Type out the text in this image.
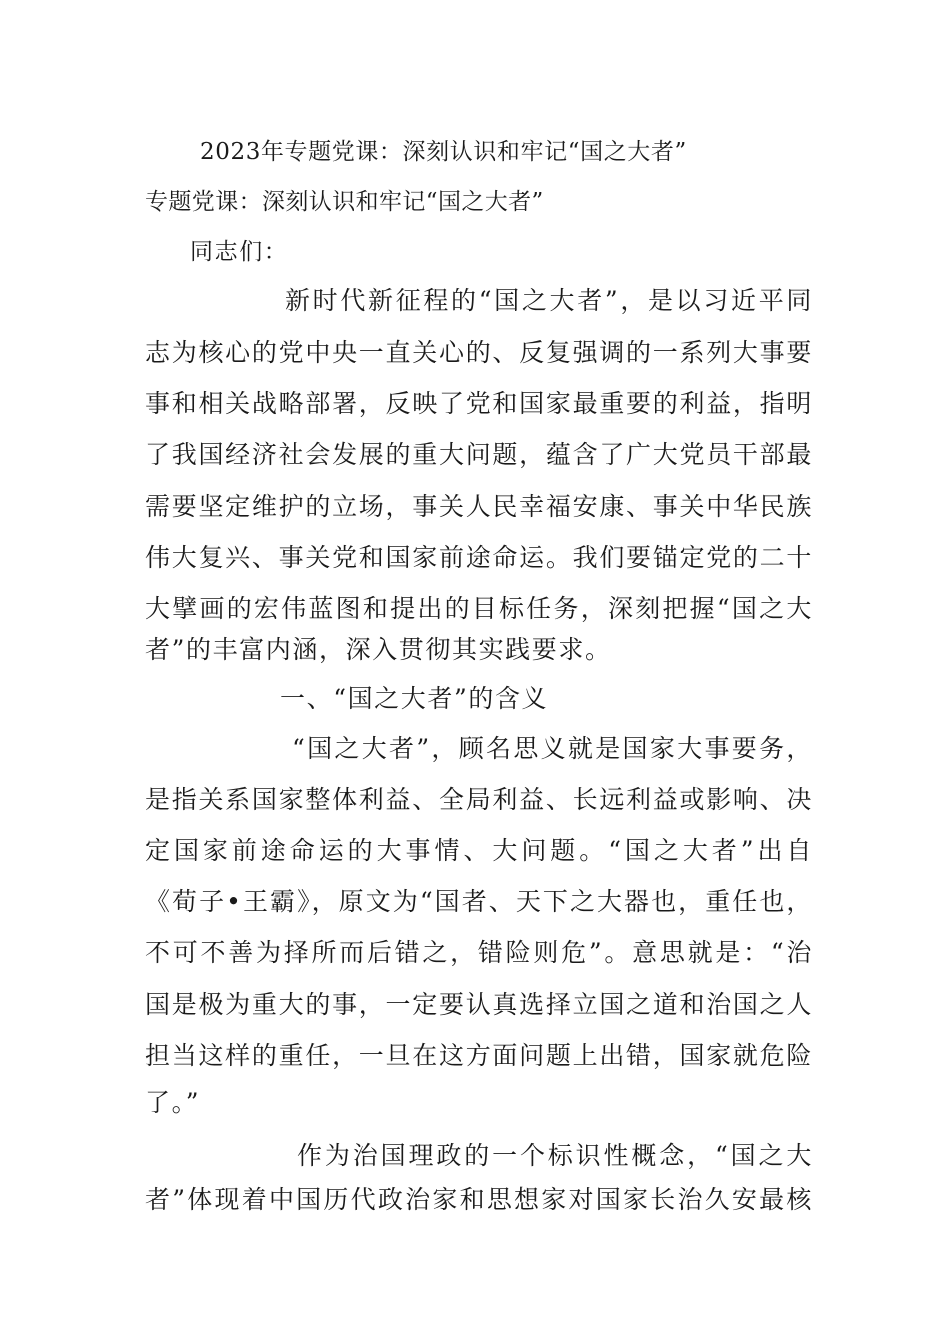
2023年专题党课：深刻认识和牢记“国之大者”
专题党课：深刻认识和牢记“国之大者”
同志们：
新时代新征程的“国之大者”，是以习近平同
志为核心的党中央一直关心的、反复强调的一系列大事要
事和相关战略部署，反映了党和国家最重要的利益，指明
了我国经济社会发展的重大问题，蕴含了广大党员干部最
需要坚定维护的立场，事关人民幸福安康、事关中华民族
伟大复兴、事关党和国家前途命运。我们要锚定党的二十
大擘画的宏伟蓝图和提出的目标任务，深刻把握“国之大
者”的丰富内涵，深入贯彻其实践要求。
一、“国之大者”的含义
“国之大者”，顾名思义就是国家大事要务，
是指关系国家整体利益、全局利益、长远利益或影响、决
定国家前途命运的大事情、大问题。“国之大者”出自
《荀子•王霸》，原文为“国者、天下之大器也，重任也，
不可不善为择所而后错之，错险则危”。意思就是：“治
国是极为重大的事，一定要认真选择立国之道和治国之人
担当这样的重任，一旦在这方面问题上出错，国家就危险
了。”
作为治国理政的一个标识性概念，“国之大
者”体现着中国历代政治家和思想家对国家长治久安最核
